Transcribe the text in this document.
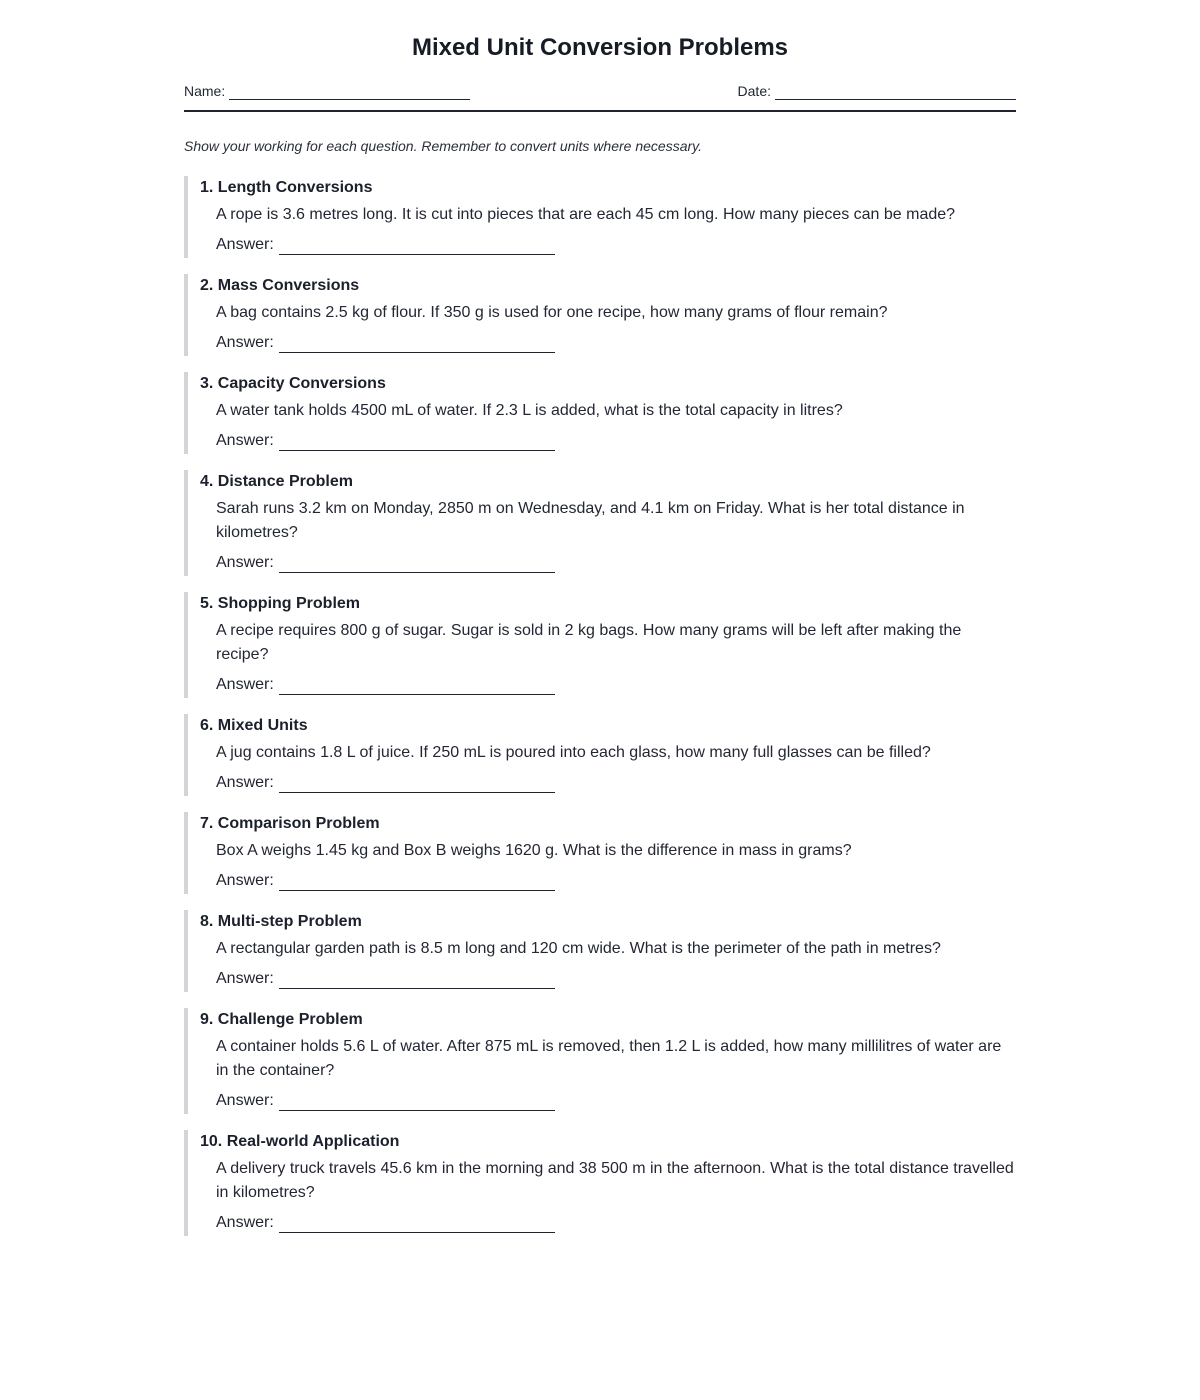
Mixed Unit Conversion Problems
Name:	Date:
Show your working for each question. Remember to convert units where necessary.
1 . Length Conversions
A rope is 3.6 metres long. It is cut into pieces that are each 45 cm long. How many pieces can be made?
Answer:
2 . Mass Conversions
A bag contains 2.5 kg of flour. If 350 g is used for one recipe, how many grams of flour remain?
Answer:
3 . Capacity Conversions
A water tank holds 4500 mL of water. If 2.3 L is added, what is the total capacity in litres?
Answer:
4 . Distance Problem
Sarah runs 3.2 km on Monday, 2850 m on Wednesday, and 4.1 km on Friday. What is her total distance in kilometres?
Answer:
5 . Shopping Problem
A recipe requires 800 g of sugar. Sugar is sold in 2 kg bags. How many grams will be left after making the recipe?
Answer:
6 . Mixed Units
A jug contains 1.8 L of juice. If 250 mL is poured into each glass, how many full glasses can be filled?
Answer:
7 . Comparison Problem
Box A weighs 1.45 kg and Box B weighs 1620 g. What is the difference in mass in grams?
Answer:
8 . Multi-step Problem
A rectangular garden path is 8.5 m long and 120 cm wide. What is the perimeter of the path in metres?
Answer:
9 . Challenge Problem
A container holds 5.6 L of water. After 875 mL is removed, then 1.2 L is added, how many millilitres of water are in the container?
Answer:
10 . Real-world Application
A delivery truck travels 45.6 km in the morning and 38 500 m in the afternoon. What is the total distance travelled in kilometres?
Answer:
